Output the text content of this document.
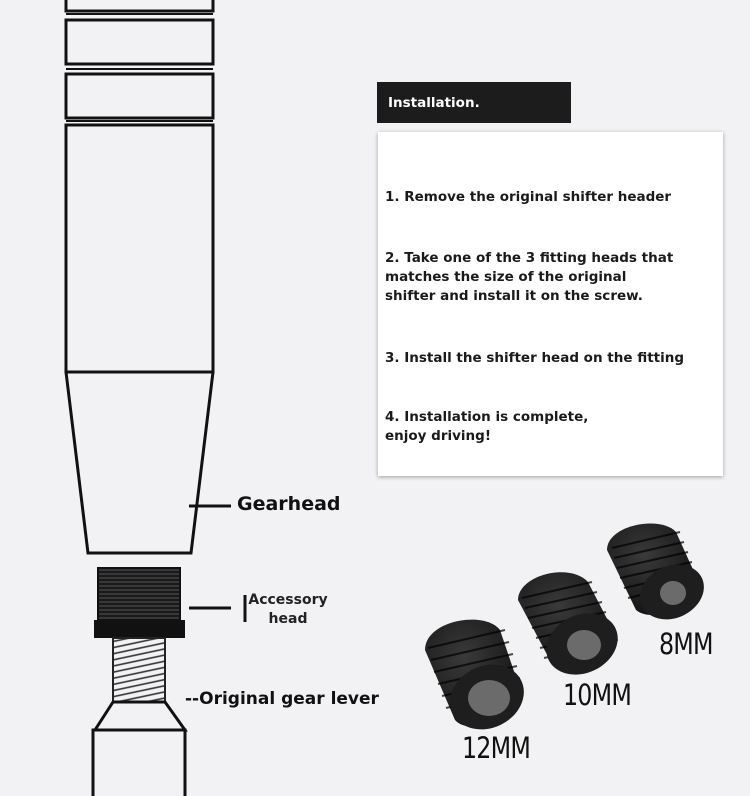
Gearhead
Accessory
head
--Original gear lever
Installation.
1. Remove the original shifter header
2. Take one of the 3 fitting heads that
matches the size of the original
shifter and install it on the screw.
3. Install the shifter head on the fitting
4. Installation is complete,
enjoy driving!
8MM
10MM
12MM
